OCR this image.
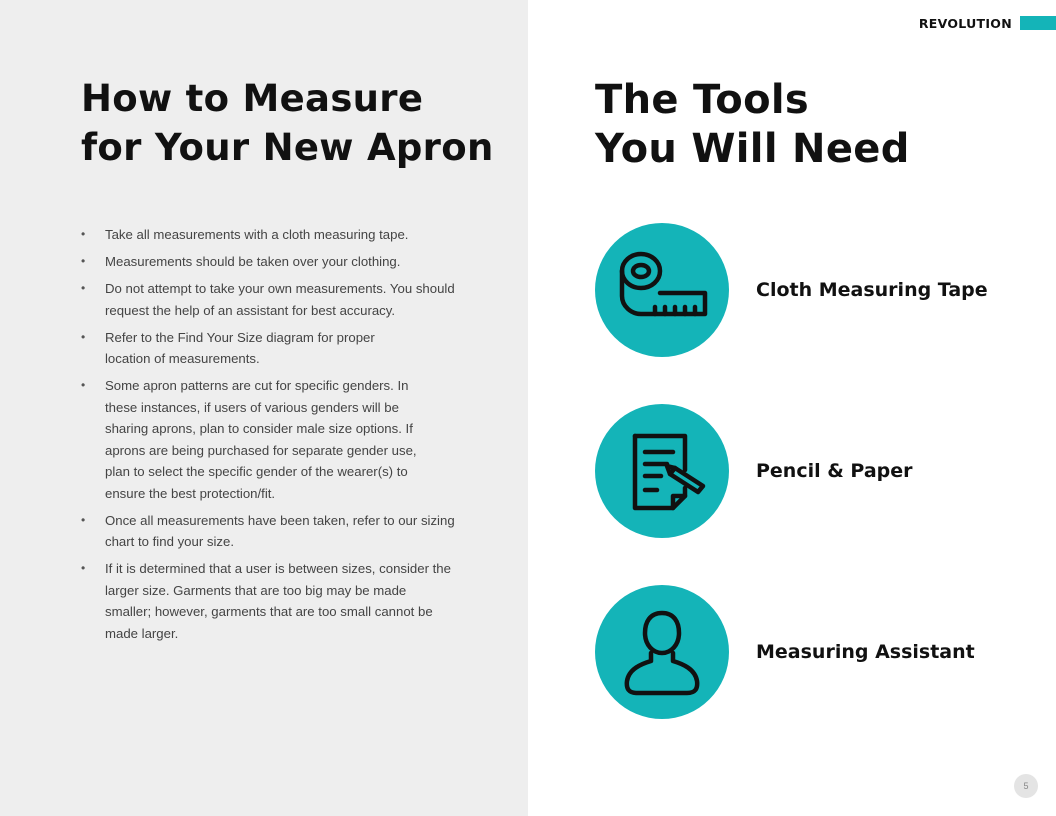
How to Measure
for Your New Apron
• Take all measurements with a cloth measuring tape.
• Measurements should be taken over your clothing.
• Do not attempt to take your own measurements. You should request the help of an assistant for best accuracy.
• Refer to the Find Your Size diagram for proper location of measurements.
• Some apron patterns are cut for specific genders. In these instances, if users of various genders will be sharing aprons, plan to consider male size options. If aprons are being purchased for separate gender use, plan to select the specific gender of the wearer(s) to ensure the best protection/fit.
• Once all measurements have been taken, refer to our sizing chart to find your size.
• If it is determined that a user is between sizes, consider the larger size. Garments that are too big may be made smaller; however, garments that are too small cannot be made larger.
REVOLUTION
The Tools
You Will Need
Cloth Measuring Tape
Pencil & Paper
Measuring Assistant
5
